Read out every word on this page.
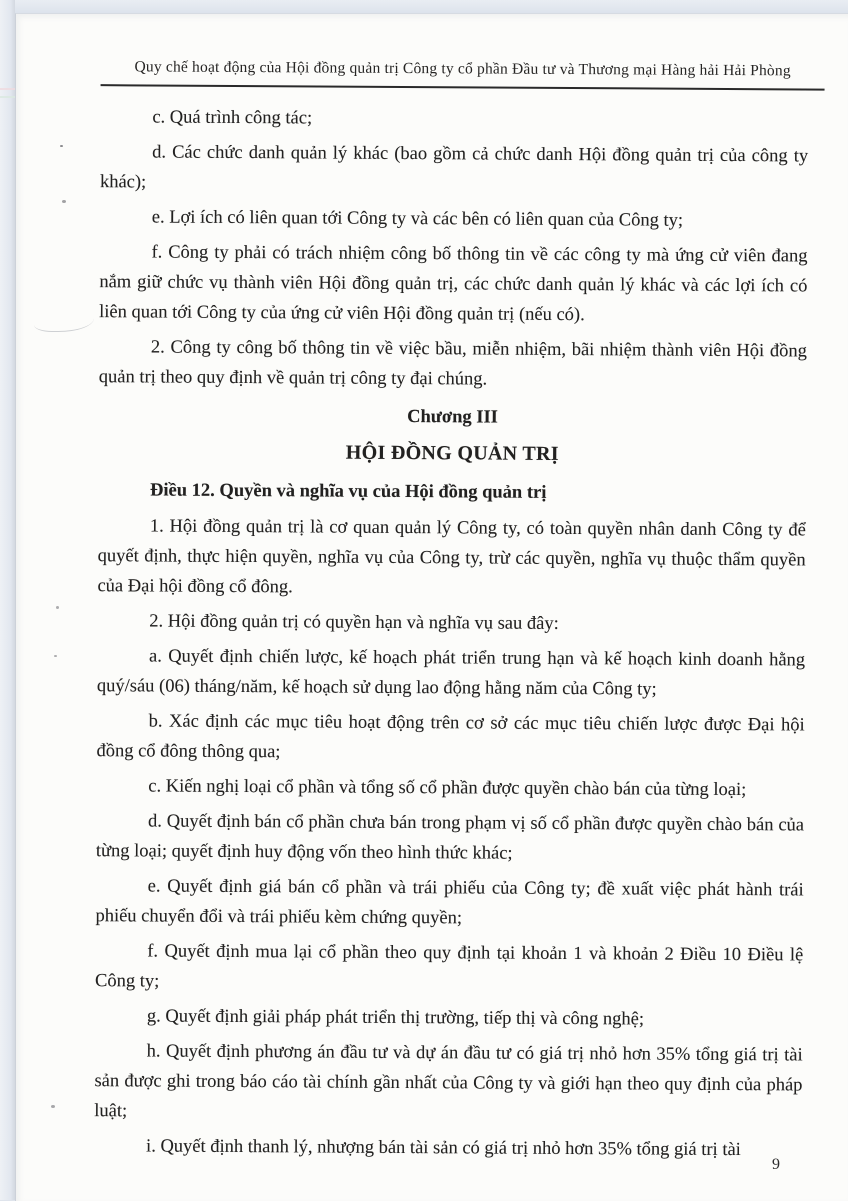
Quy chế hoạt động của Hội đồng quản trị Công ty cổ phần Đầu tư và Thương mại Hàng hải Hải Phòng

c. Quá trình công tác;

d. Các chức danh quản lý khác (bao gồm cả chức danh Hội đồng quản trị của công ty khác);

e. Lợi ích có liên quan tới Công ty và các bên có liên quan của Công ty;

f. Công ty phải có trách nhiệm công bố thông tin về các công ty mà ứng cử viên đang nắm giữ chức vụ thành viên Hội đồng quản trị, các chức danh quản lý khác và các lợi ích có liên quan tới Công ty của ứng cử viên Hội đồng quản trị (nếu có).

2. Công ty công bố thông tin về việc bầu, miễn nhiệm, bãi nhiệm thành viên Hội đồng quản trị theo quy định về quản trị công ty đại chúng.

Chương III

HỘI ĐỒNG QUẢN TRỊ

Điều 12. Quyền và nghĩa vụ của Hội đồng quản trị

1. Hội đồng quản trị là cơ quan quản lý Công ty, có toàn quyền nhân danh Công ty để quyết định, thực hiện quyền, nghĩa vụ của Công ty, trừ các quyền, nghĩa vụ thuộc thẩm quyền của Đại hội đồng cổ đông.

2. Hội đồng quản trị có quyền hạn và nghĩa vụ sau đây:

a. Quyết định chiến lược, kế hoạch phát triển trung hạn và kế hoạch kinh doanh hằng quý/sáu (06) tháng/năm, kế hoạch sử dụng lao động hằng năm của Công ty;

b. Xác định các mục tiêu hoạt động trên cơ sở các mục tiêu chiến lược được Đại hội đồng cổ đông thông qua;

c. Kiến nghị loại cổ phần và tổng số cổ phần được quyền chào bán của từng loại;

d. Quyết định bán cổ phần chưa bán trong phạm vị số cổ phần được quyền chào bán của từng loại; quyết định huy động vốn theo hình thức khác;

e. Quyết định giá bán cổ phần và trái phiếu của Công ty; đề xuất việc phát hành trái phiếu chuyển đổi và trái phiếu kèm chứng quyền;

f. Quyết định mua lại cổ phần theo quy định tại khoản 1 và khoản 2 Điều 10 Điều lệ Công ty;

g. Quyết định giải pháp phát triển thị trường, tiếp thị và công nghệ;

h. Quyết định phương án đầu tư và dự án đầu tư có giá trị nhỏ hơn 35% tổng giá trị tài sản được ghi trong báo cáo tài chính gần nhất của Công ty và giới hạn theo quy định của pháp luật;

i. Quyết định thanh lý, nhượng bán tài sản có giá trị nhỏ hơn 35% tổng giá trị tài

9
